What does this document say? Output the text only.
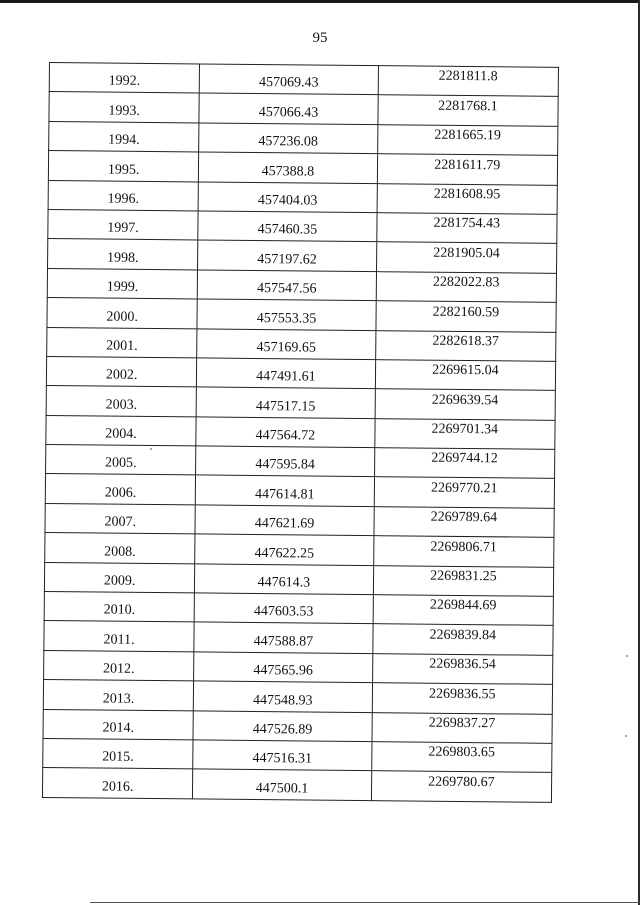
95
1992.	457069.43	2281811.8
1993.	457066.43	2281768.1
1994.	457236.08	2281665.19
1995.	457388.8	2281611.79
1996.	457404.03	2281608.95
1997.	457460.35	2281754.43
1998.	457197.62	2281905.04
1999.	457547.56	2282022.83
2000.	457553.35	2282160.59
2001.	457169.65	2282618.37
2002.	447491.61	2269615.04
2003.	447517.15	2269639.54
2004.	447564.72	2269701.34
2005.	447595.84	2269744.12
2006.	447614.81	2269770.21
2007.	447621.69	2269789.64
2008.	447622.25	2269806.71
2009.	447614.3	2269831.25
2010.	447603.53	2269844.69
2011.	447588.87	2269839.84
2012.	447565.96	2269836.54
2013.	447548.93	2269836.55
2014.	447526.89	2269837.27
2015.	447516.31	2269803.65
2016.	447500.1	2269780.67
